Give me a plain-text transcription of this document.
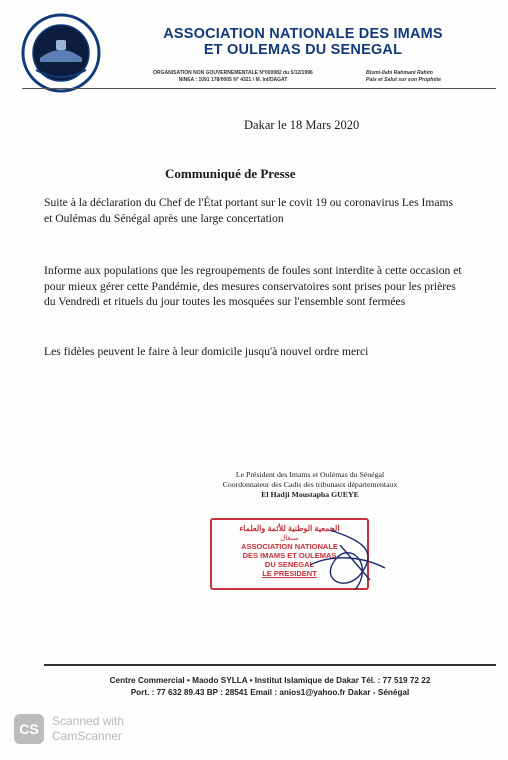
ASSOCIATION NATIONALE DES IMAMS
ET OULEMAS DU SENEGAL
ORGANISATION NON GOUVERNEMENTALE N°000082 du 5/12/1996
NINEA : 1091 178/0005 N° 4321 / M. Int/DAGAT
Bismi-llahi Rahmani Rahim
Paix et Salut sur son Prophète
Dakar le 18 Mars 2020
Communiqué de Presse
Suite à la déclaration du Chef de l'État portant sur le covit 19 ou coronavirus Les Imams et Oulémas du Sénégal après une large concertation
Informe aux populations que les regroupements de foules sont interdite à cette occasion et pour mieux gérer cette Pandémie, des mesures conservatoires sont prises pour les prières du Vendredi et rituels du jour toutes les mosquées sur l'ensemble sont fermées
Les fidèles peuvent le faire à leur domicile jusqu'à nouvel ordre merci
Le Président des Imams et Oulémas du Sénégal
Coordonnateur des Cadis des tribunaux départementaux
El Hadji Moustapha GUEYE
الجمعية الوطنية للأئمة والعلماء
سنغال
ASSOCIATION NATIONALE
DES IMAMS ET OULEMAS
DU SENEGAL
LE PRESIDENT
Centre Commercial • Maodo SYLLA • Institut Islamique de Dakar Tél. : 77 519 72 22
Port. : 77 632 89.43 BP : 28541 Email : anios1@yahoo.fr Dakar - Sénégal
CS	Scanned with
CamScanner
